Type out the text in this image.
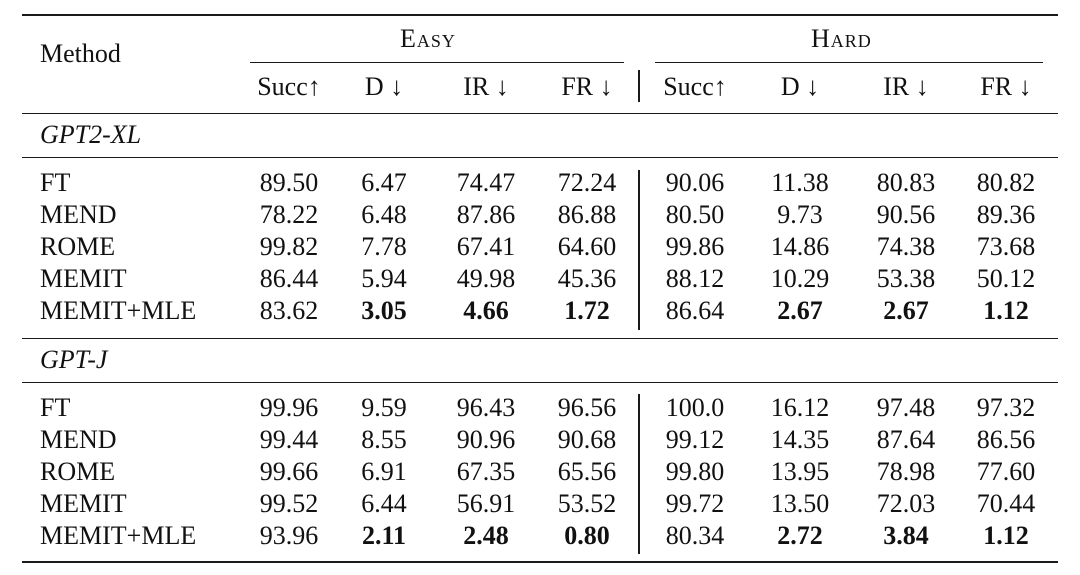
Method
Easy	Hard
Succ↑	D ↓	IR ↓	FR ↓	Succ↑	D ↓	IR ↓	FR ↓
GPT2-XL
FT	89.50	6.47	74.47	72.24	90.06	11.38	80.83	80.82
MEND	78.22	6.48	87.86	86.88	80.50	9.73	90.56	89.36
ROME	99.82	7.78	67.41	64.60	99.86	14.86	74.38	73.68
MEMIT	86.44	5.94	49.98	45.36	88.12	10.29	53.38	50.12
MEMIT+MLE	83.62	3.05	4.66	1.72	86.64	2.67	2.67	1.12
GPT-J
FT	99.96	9.59	96.43	96.56	100.0	16.12	97.48	97.32
MEND	99.44	8.55	90.96	90.68	99.12	14.35	87.64	86.56
ROME	99.66	6.91	67.35	65.56	99.80	13.95	78.98	77.60
MEMIT	99.52	6.44	56.91	53.52	99.72	13.50	72.03	70.44
MEMIT+MLE	93.96	2.11	2.48	0.80	80.34	2.72	3.84	1.12
